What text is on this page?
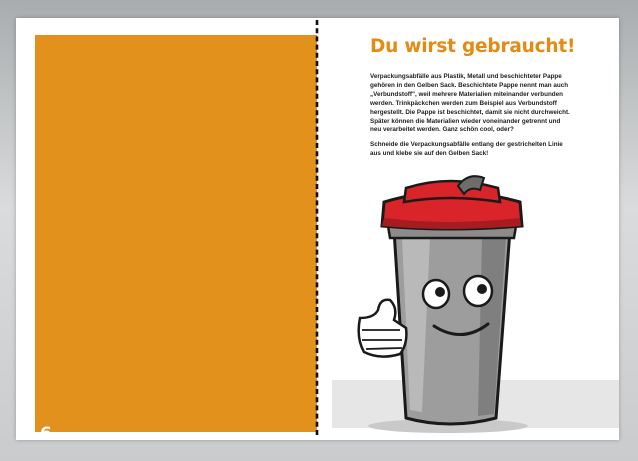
6
Du wirst gebraucht!

Verpackungsabfälle aus Plastik, Metall und beschichteter Pappe gehören in den Gelben Sack. Beschichtete Pappe nennt man auch „Verbundstoff", weil mehrere Materialien miteinander verbunden werden. Trinkpäckchen werden zum Beispiel aus Verbundstoff hergestellt. Die Pappe ist beschichtet, damit sie nicht durchweicht. Später können die Materialien wieder voneinander getrennt und neu verarbeitet werden. Ganz schön cool, oder?

Schneide die Verpackungsabfälle entlang der gestrichelten Linie aus und klebe sie auf den Gelben Sack!
